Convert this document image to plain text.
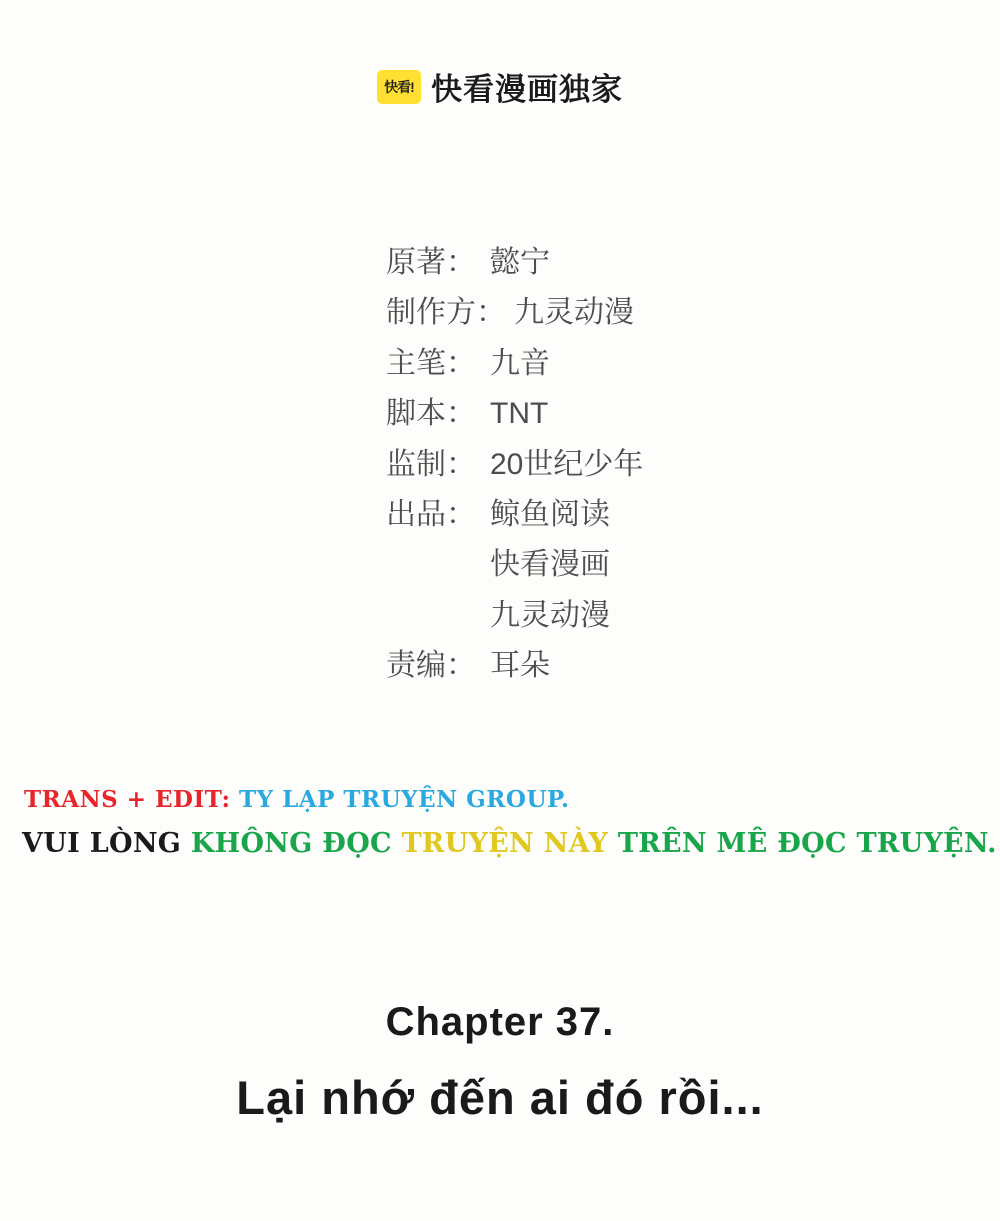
快看! 快看漫画独家
原著： 懿宁
制作方： 九灵动漫
主笔： 九音
脚本： TNT
监制： 20世纪少年
出品： 鲸鱼阅读
快看漫画
九灵动漫
责编： 耳朵
TRANS + EDIT: TY LẠP TRUYỆN GROUP.
VUI LÒNG KHÔNG ĐỌC TRUYỆN NÀY TRÊN MÊ ĐỌC TRUYỆN.
Chapter 37.
Lại nhớ đến ai đó rồi...
